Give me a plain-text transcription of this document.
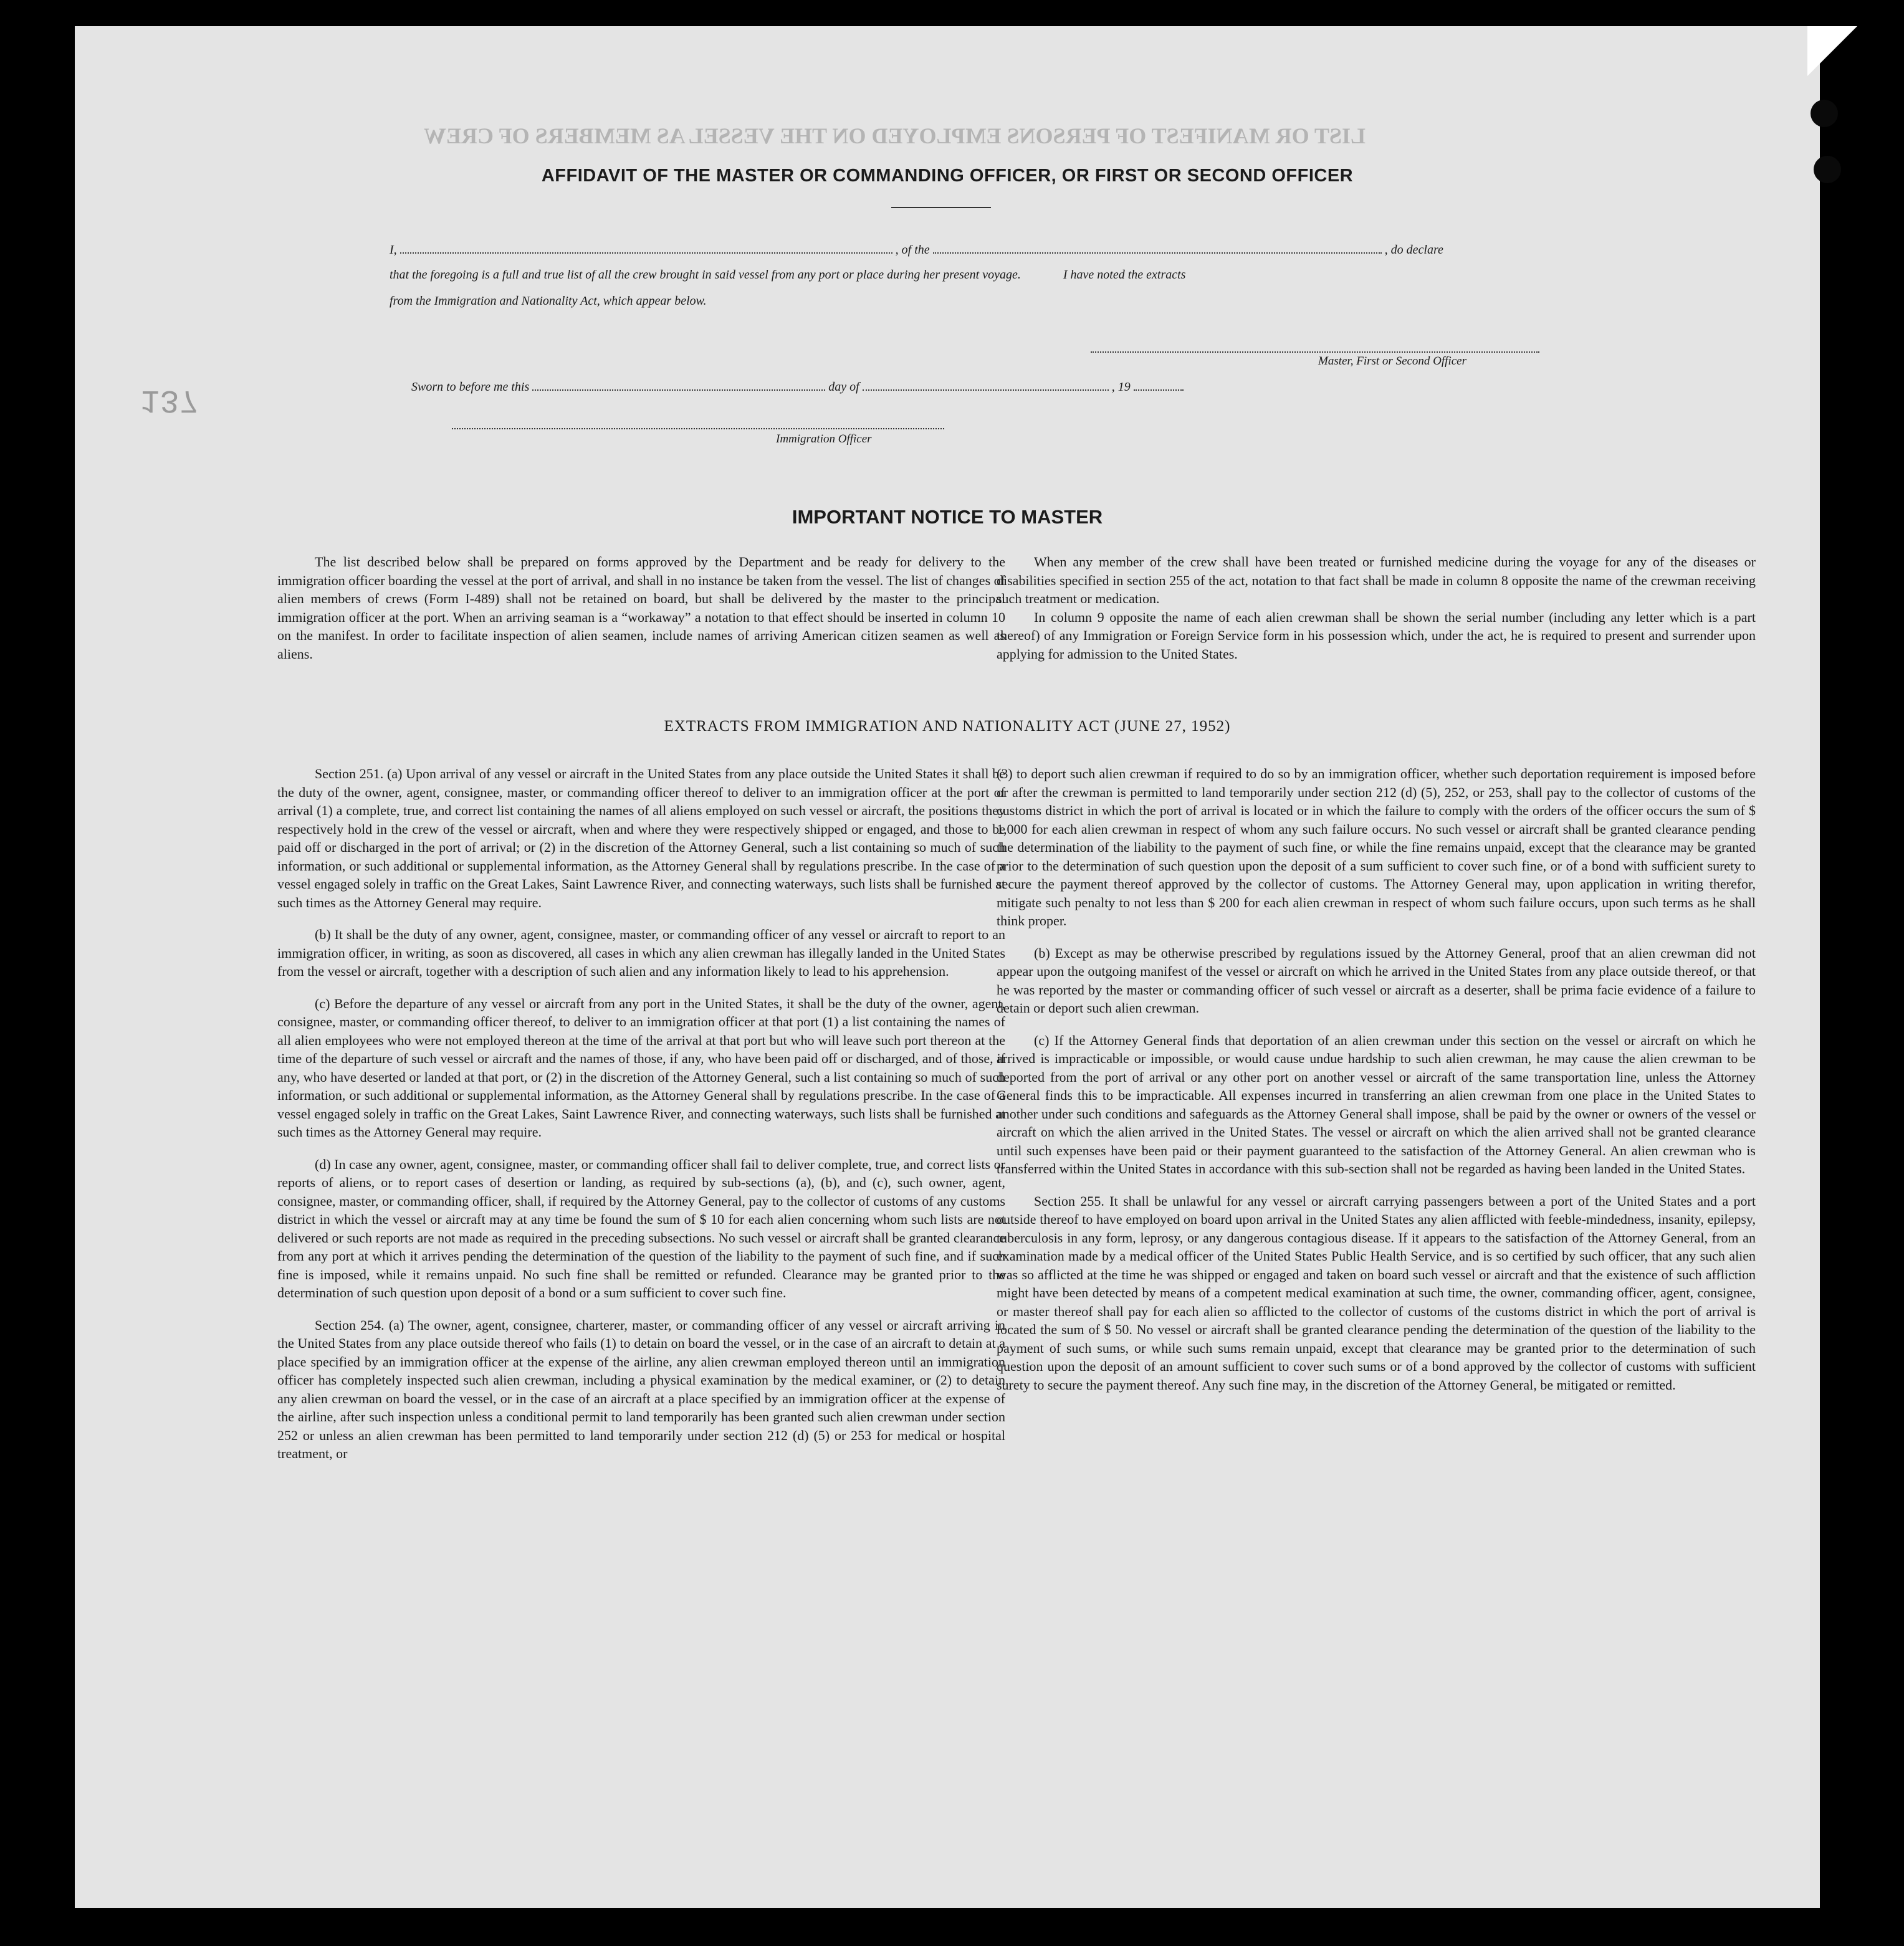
LIST OR MANIFEST OF PERSONS EMPLOYED ON THE VESSEL AS MEMBERS OF CREW
137
AFFIDAVIT OF THE MASTER OR COMMANDING OFFICER, OR FIRST OR SECOND OFFICER
I,	, of the	, do declare
that the foregoing is a full and true list of all the crew brought in said vessel from any port or place during her present voyage.	I have noted the extracts
from the Immigration and Nationality Act, which appear below.
Master, First or Second Officer
Sworn to before me this	day of	, 19
Immigration Officer
IMPORTANT NOTICE TO MASTER

The list described below shall be prepared on forms approved by the Department and be ready for delivery to the immigration officer boarding the vessel at the port of arrival, and shall in no instance be taken from the vessel. The list of changes of alien members of crews (Form I-489) shall not be retained on board, but shall be delivered by the master to the principal immigration officer at the port. When an arriving seaman is a “workaway” a notation to that effect should be inserted in column 10 on the manifest. In order to facilitate inspection of alien seamen, include names of arriving American citizen seamen as well as aliens.

When any member of the crew shall have been treated or furnished medicine during the voyage for any of the diseases or disabilities specified in section 255 of the act, notation to that fact shall be made in column 8 opposite the name of the crewman receiving such treatment or medication.

In column 9 opposite the name of each alien crewman shall be shown the serial number (including any letter which is a part thereof) of any Immigration or Foreign Service form in his possession which, under the act, he is required to present and surrender upon applying for admission to the United States.

EXTRACTS FROM IMMIGRATION AND NATIONALITY ACT (JUNE 27, 1952)

Section 251. (a) Upon arrival of any vessel or aircraft in the United States from any place outside the United States it shall be the duty of the owner, agent, consignee, master, or commanding officer thereof to deliver to an immigration officer at the port of arrival (1) a complete, true, and correct list containing the names of all aliens employed on such vessel or aircraft, the positions they respectively hold in the crew of the vessel or aircraft, when and where they were respectively shipped or engaged, and those to be paid off or discharged in the port of arrival; or (2) in the discretion of the Attorney General, such a list containing so much of such information, or such additional or supplemental information, as the Attorney General shall by regulations prescribe. In the case of a vessel engaged solely in traffic on the Great Lakes, Saint Lawrence River, and connecting waterways, such lists shall be furnished at such times as the Attorney General may require.

(b) It shall be the duty of any owner, agent, consignee, master, or commanding officer of any vessel or aircraft to report to an immigration officer, in writing, as soon as discovered, all cases in which any alien crewman has illegally landed in the United States from the vessel or aircraft, together with a description of such alien and any information likely to lead to his apprehension.

(c) Before the departure of any vessel or aircraft from any port in the United States, it shall be the duty of the owner, agent, consignee, master, or commanding officer thereof, to deliver to an immigration officer at that port (1) a list containing the names of all alien employees who were not employed thereon at the time of the arrival at that port but who will leave such port thereon at the time of the departure of such vessel or aircraft and the names of those, if any, who have been paid off or discharged, and of those, if any, who have deserted or landed at that port, or (2) in the discretion of the Attorney General, such a list containing so much of such information, or such additional or supplemental information, as the Attorney General shall by regulations prescribe. In the case of a vessel engaged solely in traffic on the Great Lakes, Saint Lawrence River, and connecting waterways, such lists shall be furnished at such times as the Attorney General may require.

(d) In case any owner, agent, consignee, master, or commanding officer shall fail to deliver complete, true, and correct lists or reports of aliens, or to report cases of desertion or landing, as required by sub-sections (a), (b), and (c), such owner, agent, consignee, master, or commanding officer, shall, if required by the Attorney General, pay to the collector of customs of any customs district in which the vessel or aircraft may at any time be found the sum of $ 10 for each alien concerning whom such lists are not delivered or such reports are not made as required in the preceding subsections. No such vessel or aircraft shall be granted clearance from any port at which it arrives pending the determination of the question of the liability to the payment of such fine, and if such fine is imposed, while it remains unpaid. No such fine shall be remitted or refunded. Clearance may be granted prior to the determination of such question upon deposit of a bond or a sum sufficient to cover such fine.

Section 254. (a) The owner, agent, consignee, charterer, master, or commanding officer of any vessel or aircraft arriving in the United States from any place outside thereof who fails (1) to detain on board the vessel, or in the case of an aircraft to detain at a place specified by an immigration officer at the expense of the airline, any alien crewman employed thereon until an immigration officer has completely inspected such alien crewman, including a physical examination by the medical examiner, or (2) to detain any alien crewman on board the vessel, or in the case of an aircraft at a place specified by an immigration officer at the expense of the airline, after such inspection unless a conditional permit to land temporarily has been granted such alien crewman under section 252 or unless an alien crewman has been permitted to land temporarily under section 212 (d) (5) or 253 for medical or hospital treatment, or

(3) to deport such alien crewman if required to do so by an immigration officer, whether such deportation requirement is imposed before or after the crewman is permitted to land temporarily under section 212 (d) (5), 252, or 253, shall pay to the collector of customs of the customs district in which the port of arrival is located or in which the failure to comply with the orders of the officer occurs the sum of $ 1,000 for each alien crewman in respect of whom any such failure occurs. No such vessel or aircraft shall be granted clearance pending the determination of the liability to the payment of such fine, or while the fine remains unpaid, except that the clearance may be granted prior to the determination of such question upon the deposit of a sum sufficient to cover such fine, or of a bond with sufficient surety to secure the payment thereof approved by the collector of customs. The Attorney General may, upon application in writing therefor, mitigate such penalty to not less than $ 200 for each alien crewman in respect of whom such failure occurs, upon such terms as he shall think proper.

(b) Except as may be otherwise prescribed by regulations issued by the Attorney General, proof that an alien crewman did not appear upon the outgoing manifest of the vessel or aircraft on which he arrived in the United States from any place outside thereof, or that he was reported by the master or commanding officer of such vessel or aircraft as a deserter, shall be prima facie evidence of a failure to detain or deport such alien crewman.

(c) If the Attorney General finds that deportation of an alien crewman under this section on the vessel or aircraft on which he arrived is impracticable or impossible, or would cause undue hardship to such alien crewman, he may cause the alien crewman to be deported from the port of arrival or any other port on another vessel or aircraft of the same transportation line, unless the Attorney General finds this to be impracticable. All expenses incurred in transferring an alien crewman from one place in the United States to another under such conditions and safeguards as the Attorney General shall impose, shall be paid by the owner or owners of the vessel or aircraft on which the alien arrived in the United States. The vessel or aircraft on which the alien arrived shall not be granted clearance until such expenses have been paid or their payment guaranteed to the satisfaction of the Attorney General. An alien crewman who is transferred within the United States in accordance with this sub-section shall not be regarded as having been landed in the United States.

Section 255. It shall be unlawful for any vessel or aircraft carrying passengers between a port of the United States and a port outside thereof to have employed on board upon arrival in the United States any alien afflicted with feeble-mindedness, insanity, epilepsy, tuberculosis in any form, leprosy, or any dangerous contagious disease. If it appears to the satisfaction of the Attorney General, from an examination made by a medical officer of the United States Public Health Service, and is so certified by such officer, that any such alien was so afflicted at the time he was shipped or engaged and taken on board such vessel or aircraft and that the existence of such affliction might have been detected by means of a competent medical examination at such time, the owner, commanding officer, agent, consignee, or master thereof shall pay for each alien so afflicted to the collector of customs of the customs district in which the port of arrival is located the sum of $ 50. No vessel or aircraft shall be granted clearance pending the determination of the question of the liability to the payment of such sums, or while such sums remain unpaid, except that clearance may be granted prior to the determination of such question upon the deposit of an amount sufficient to cover such sums or of a bond approved by the collector of customs with sufficient surety to secure the payment thereof. Any such fine may, in the discretion of the Attorney General, be mitigated or remitted.
